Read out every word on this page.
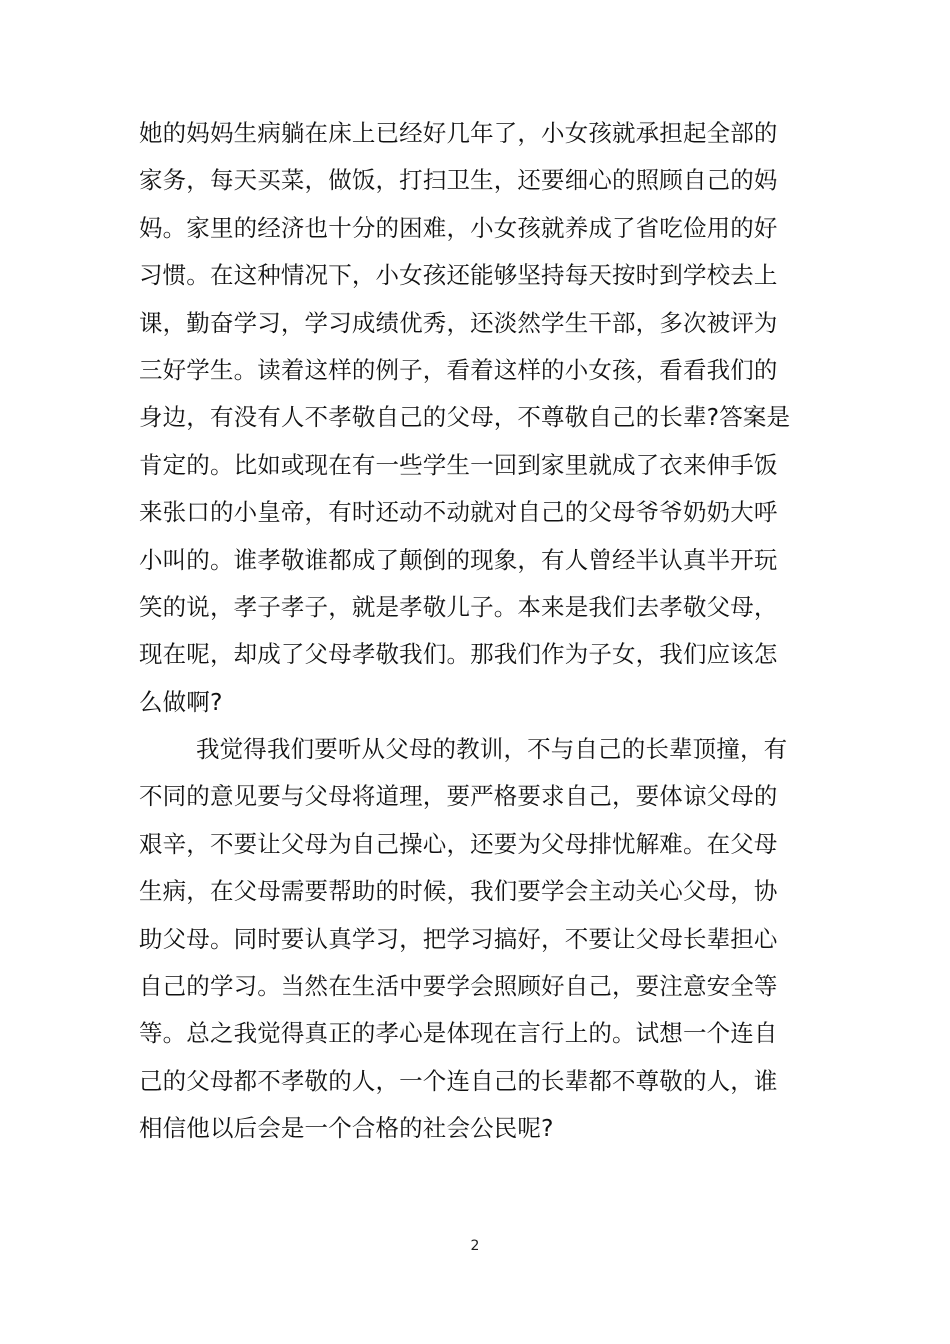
她的妈妈生病躺在床上已经好几年了，小女孩就承担起全部的
家务，每天买菜，做饭，打扫卫生，还要细心的照顾自己的妈
妈。家里的经济也十分的困难，小女孩就养成了省吃俭用的好
习惯。在这种情况下，小女孩还能够坚持每天按时到学校去上
课，勤奋学习，学习成绩优秀，还淡然学生干部，多次被评为
三好学生。读着这样的例子，看着这样的小女孩，看看我们的
身边，有没有人不孝敬自己的父母，不尊敬自己的长辈?答案是
肯定的。比如或现在有一些学生一回到家里就成了衣来伸手饭
来张口的小皇帝，有时还动不动就对自己的父母爷爷奶奶大呼
小叫的。谁孝敬谁都成了颠倒的现象，有人曾经半认真半开玩
笑的说，孝子孝子，就是孝敬儿子。本来是我们去孝敬父母，
现在呢，却成了父母孝敬我们。那我们作为子女，我们应该怎
么做啊?
我觉得我们要听从父母的教训，不与自己的长辈顶撞，有
不同的意见要与父母将道理，要严格要求自己，要体谅父母的
艰辛，不要让父母为自己操心，还要为父母排忧解难。在父母
生病，在父母需要帮助的时候，我们要学会主动关心父母，协
助父母。同时要认真学习，把学习搞好，不要让父母长辈担心
自己的学习。当然在生活中要学会照顾好自己，要注意安全等
等。总之我觉得真正的孝心是体现在言行上的。试想一个连自
己的父母都不孝敬的人，一个连自己的长辈都不尊敬的人，谁
相信他以后会是一个合格的社会公民呢?
2
